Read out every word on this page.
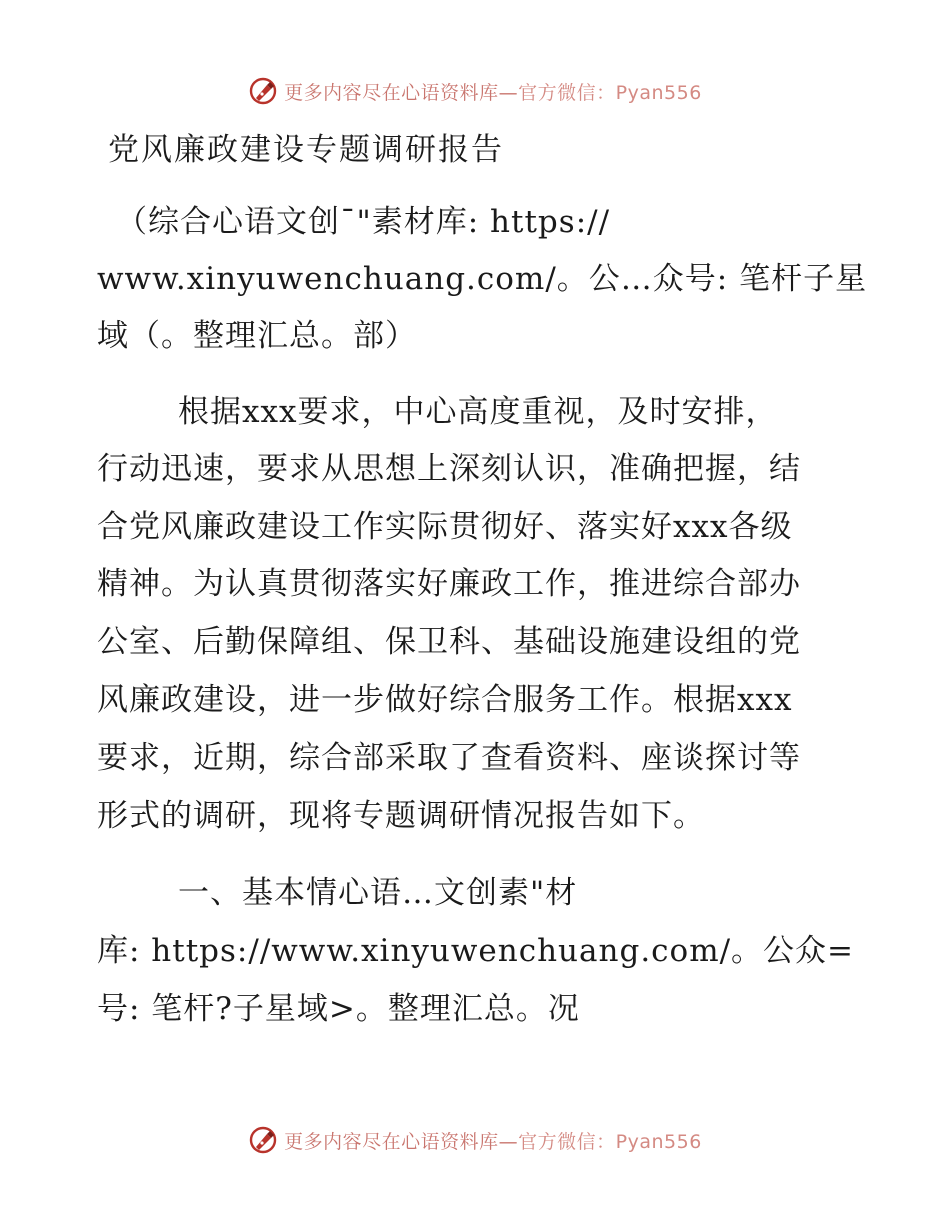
更多内容尽在心语资料库—官方微信：Pyan556
党风廉政建设专题调研报告
（综合心语文创¯"素材库: https://
www.xinyuwenchuang.com/。公…众号: 笔杆子星
域（。整理汇总。部）
根据xxx要求，中心高度重视，及时安排，
行动迅速，要求从思想上深刻认识，准确把握，结
合党风廉政建设工作实际贯彻好、落实好xxx各级
精神。为认真贯彻落实好廉政工作，推进综合部办
公室、后勤保障组、保卫科、基础设施建设组的党
风廉政建设，进一步做好综合服务工作。根据xxx
要求，近期，综合部采取了查看资料、座谈探讨等
形式的调研，现将专题调研情况报告如下。
一、基本情心语…文创素"材
库: https://www.xinyuwenchuang.com/。公众=
号: 笔杆?子星域>。整理汇总。况
更多内容尽在心语资料库—官方微信：Pyan556
